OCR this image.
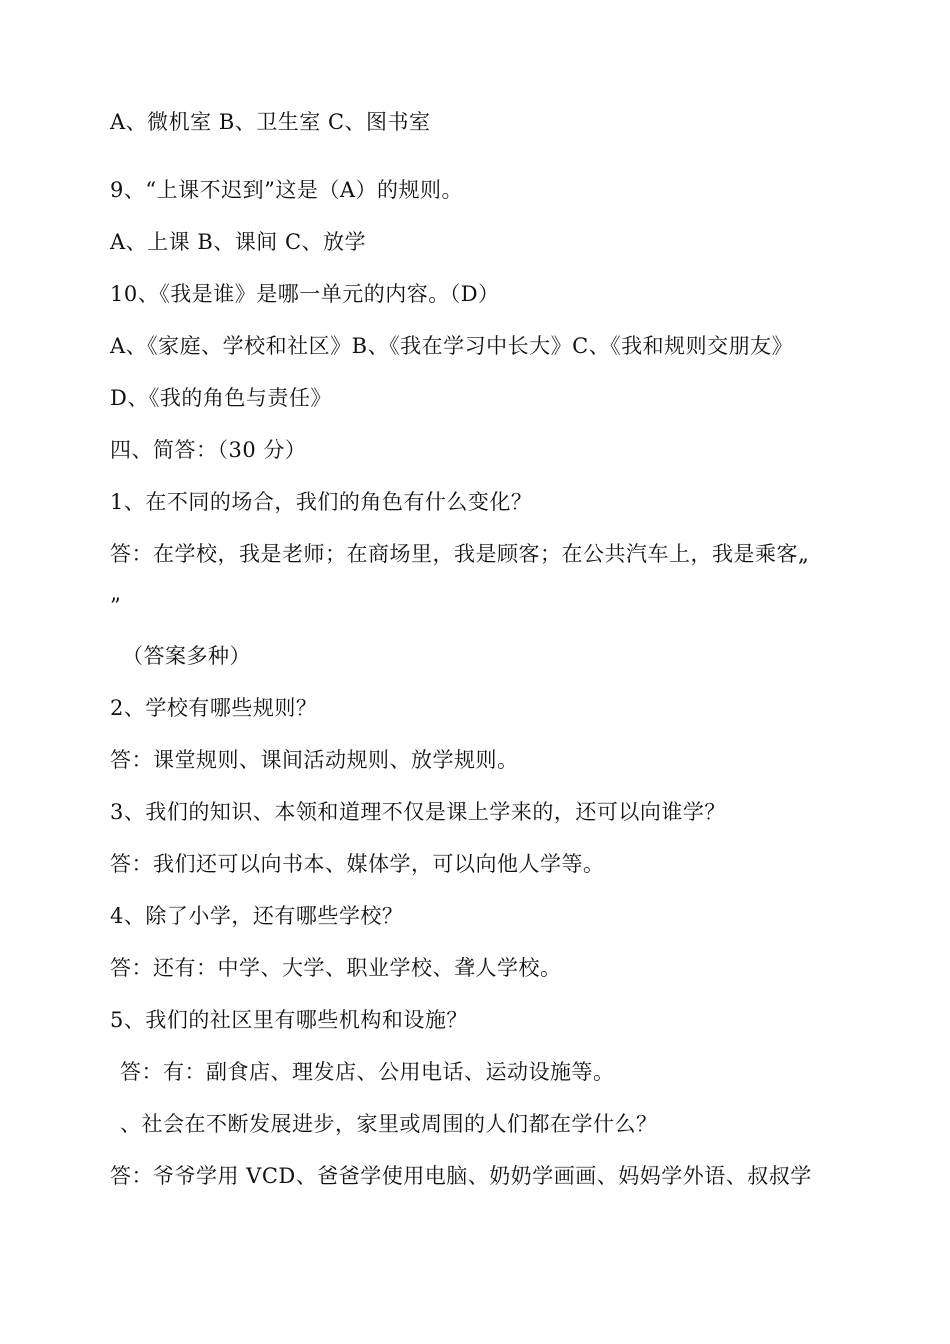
A、微机室 B、卫生室 C、图书室
9、“上课不迟到”这是（A）的规则。
A、上课 B、课间 C、放学
10、《我是谁》是哪一单元的内容。（D）
A、《家庭、学校和社区》B、《我在学习中长大》C、《我和规则交朋友》
D、《我的角色与责任》
四、简答：（30 分）
1、在不同的场合，我们的角色有什么变化？
答：在学校，我是老师；在商场里，我是顾客；在公共汽车上，我是乘客„
”
（答案多种）
2、学校有哪些规则？
答：课堂规则、课间活动规则、放学规则。
3、我们的知识、本领和道理不仅是课上学来的，还可以向谁学？
答：我们还可以向书本、媒体学，可以向他人学等。
4、除了小学，还有哪些学校？
答：还有：中学、大学、职业学校、聋人学校。
5、我们的社区里有哪些机构和设施？
答：有：副食店、理发店、公用电话、运动设施等。
、社会在不断发展进步，家里或周围的人们都在学什么？
答：爷爷学用 VCD、爸爸学使用电脑、奶奶学画画、妈妈学外语、叔叔学
